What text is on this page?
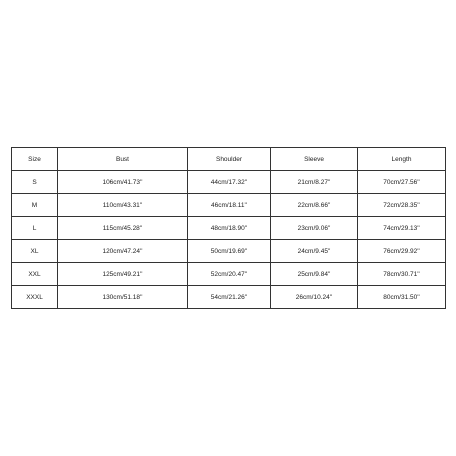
Size	Bust	Shoulder	Sleeve	Length
S	106cm/41.73''	44cm/17.32''	21cm/8.27''	70cm/27.56''
M	110cm/43.31''	46cm/18.11''	22cm/8.66''	72cm/28.35''
L	115cm/45.28''	48cm/18.90''	23cm/9.06''	74cm/29.13''
XL	120cm/47.24''	50cm/19.69''	24cm/9.45''	76cm/29.92''
XXL	125cm/49.21''	52cm/20.47''	25cm/9.84''	78cm/30.71''
XXXL	130cm/51.18''	54cm/21.26''	26cm/10.24''	80cm/31.50''
